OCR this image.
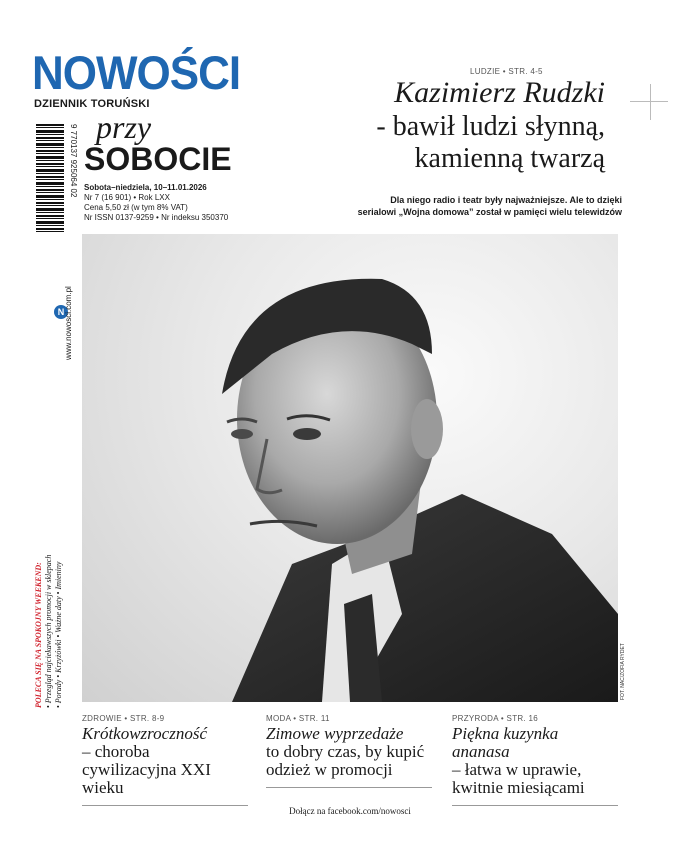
NOWOŚCI
DZIENNIK TORUŃSKI
9 770137 925064 02 przy
SOBOCIE
Sobota–niedziela, 10–11.01.2026
Nr 7 (16 901) • Rok LXX
Cena 5,50 zł (w tym 8% VAT)
Nr ISSN 0137-9259 • Nr indeksu 350370
LUDZIE • STR. 4-5
Kazimierz Rudzki
- bawił ludzi słynną,
kamienną twarzą
Dla niego radio i teatr były najważniejsze. Ale to dzięki
serialowi „Wojna domowa” został w pamięci wielu telewidzów
N www.nowosci.com.pl
POLECA SIĘ NA SPOKOJNY WEEKEND: • Przegląd najciekawszych promocji w sklepach • Porady • Krzyżówki • Ważne daty • Imieniny	FOT. NAC/ZOFIA RYDET
ZDROWIE • STR. 8-9
Krótkowzroczność
– choroba cywilizacyjna XXI wieku
MODA • STR. 11
Zimowe wyprzedaże
to dobry czas, by kupić odzież w promocji
PRZYRODA • STR. 16
Piękna kuzynka ananasa
– łatwa w uprawie, kwitnie miesiącami
Dołącz na facebook.com/nowosci
